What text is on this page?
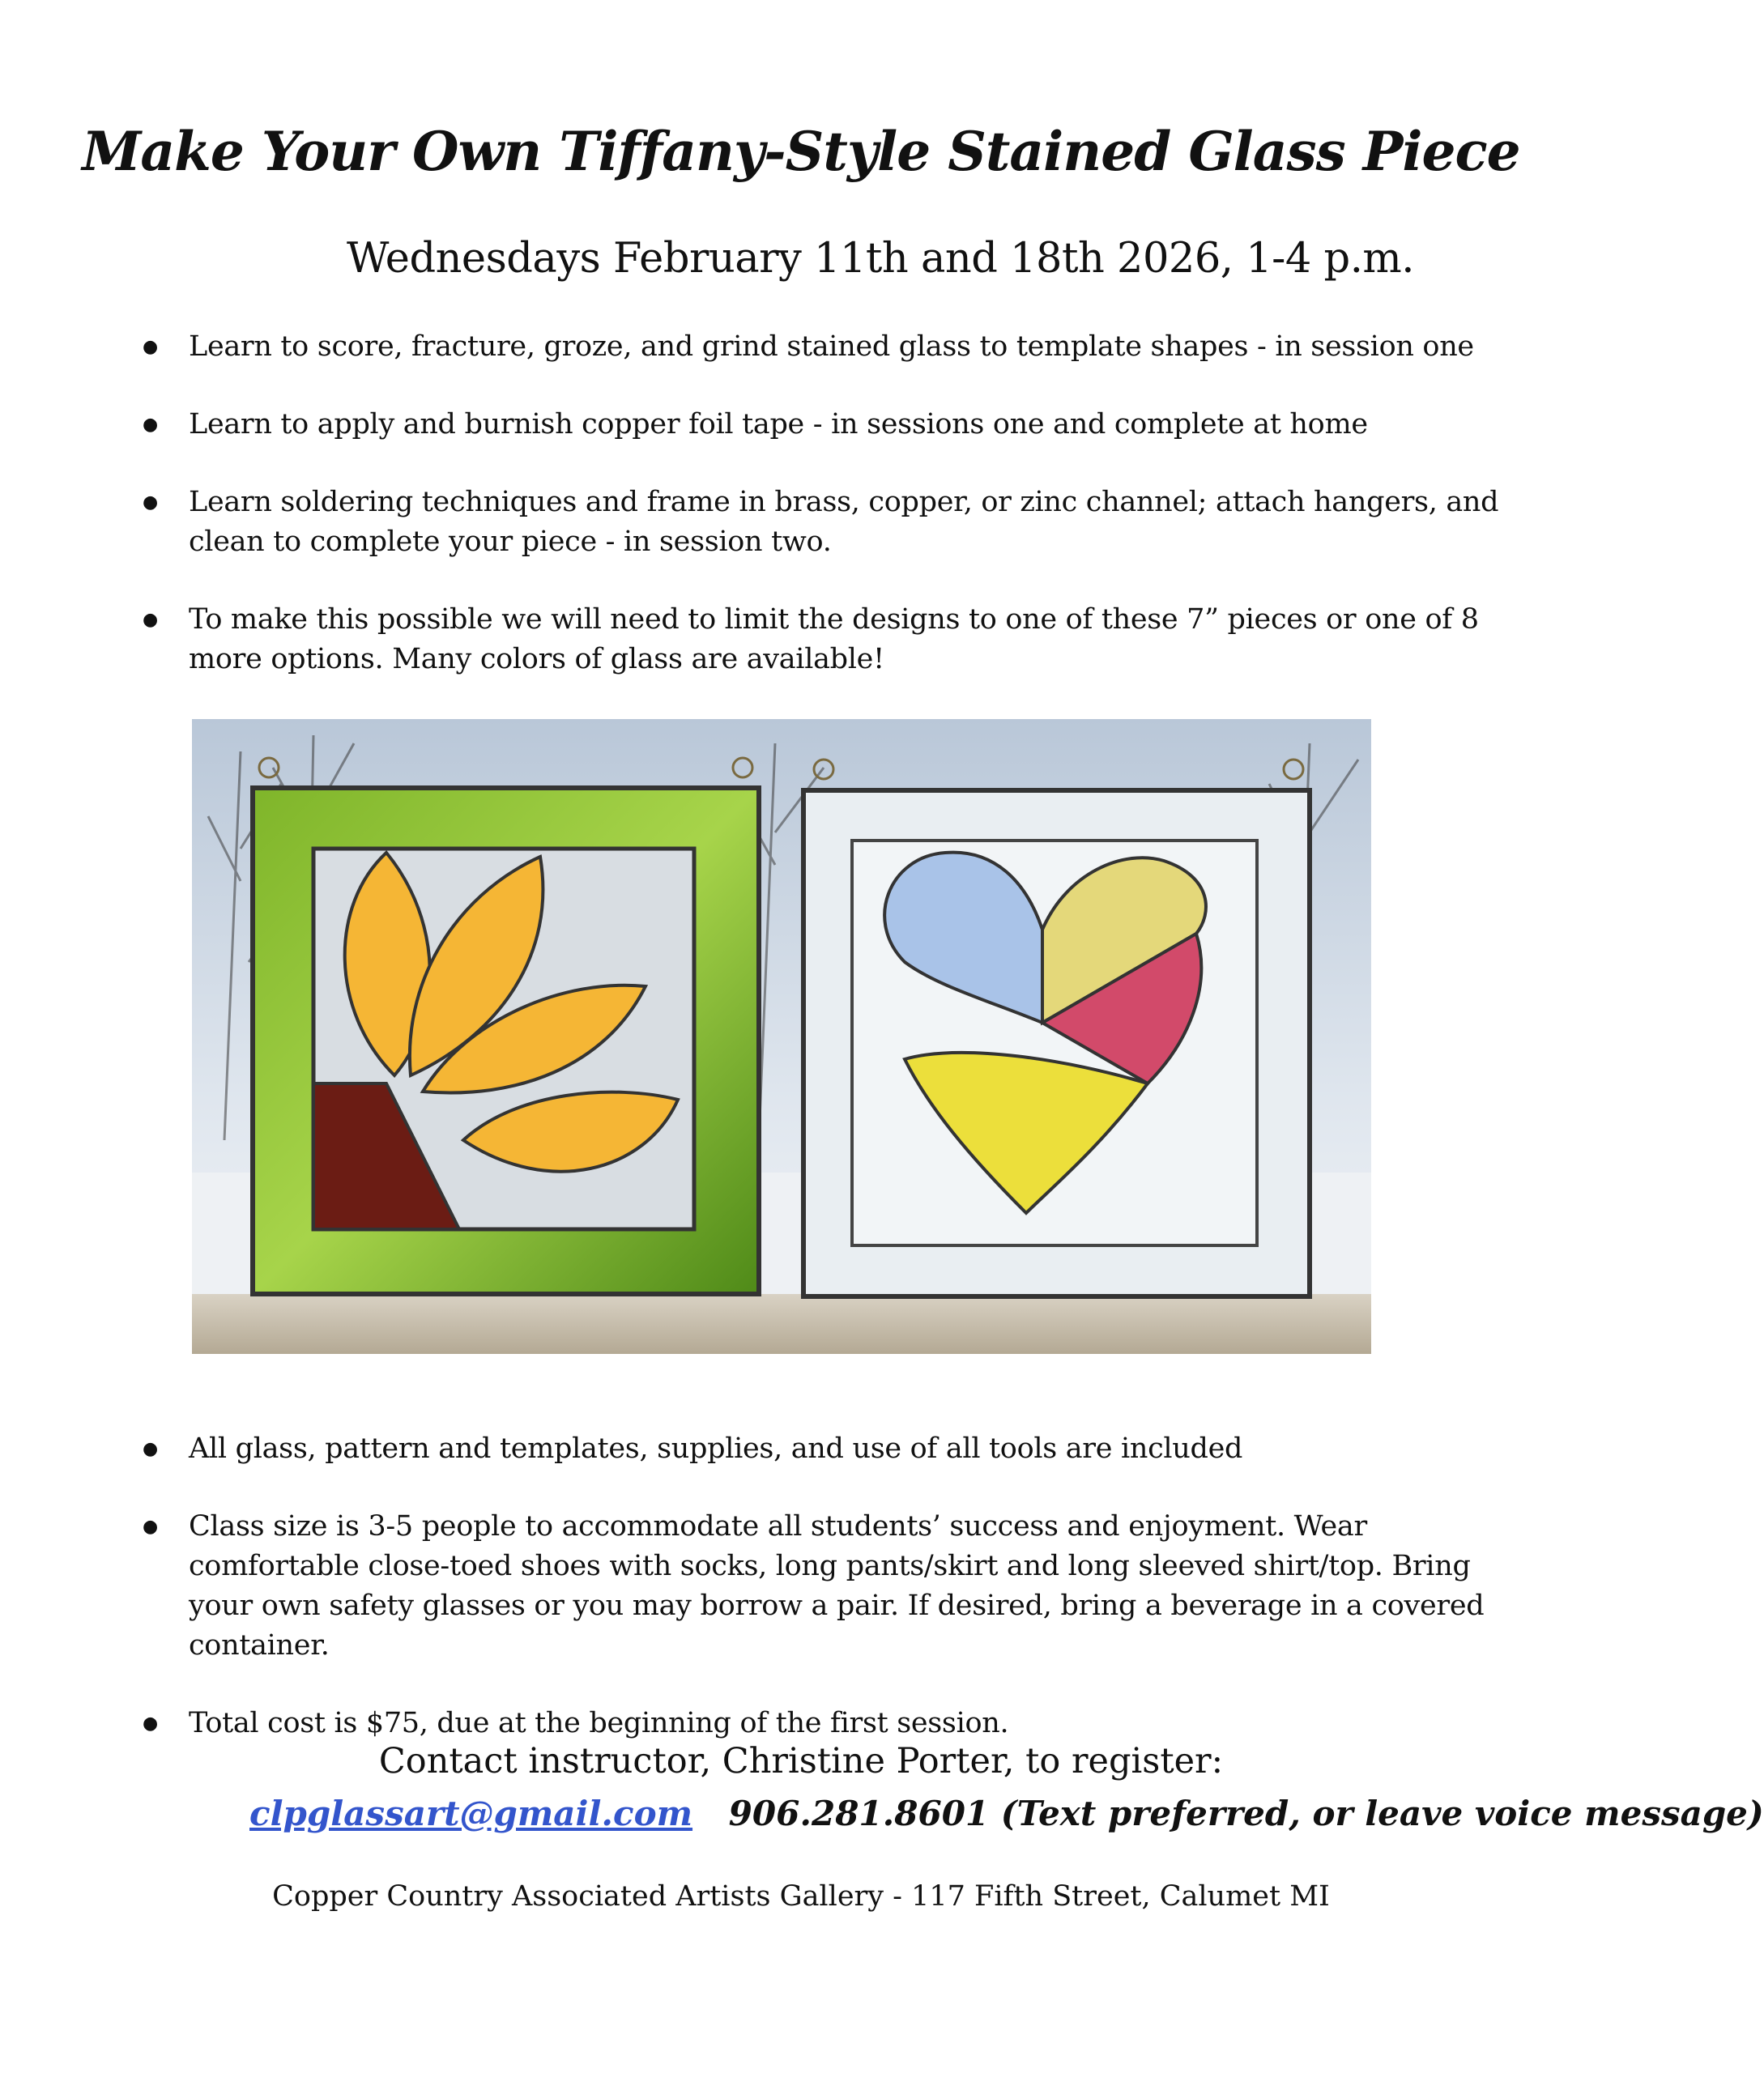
Make Your Own Tiffany-Style Stained Glass Piece

Wednesdays February 11th and 18th 2026, 1-4 p.m.

● Learn to score, fracture, groze, and grind stained glass to template shapes - in session one
● Learn to apply and burnish copper foil tape - in sessions one and complete at home
● Learn soldering techniques and frame in brass, copper, or zinc channel; attach hangers, and clean to complete your piece - in session two.
● To make this possible we will need to limit the designs to one of these 7” pieces or one of 8 more options. Many colors of glass are available!
● All glass, pattern and templates, supplies, and use of all tools are included
● Class size is 3-5 people to accommodate all students’ success and enjoyment. Wear comfortable close-toed shoes with socks, long pants/skirt and long sleeved shirt/top. Bring your own safety glasses or you may borrow a pair. If desired, bring a beverage in a covered container.
● Total cost is $75, due at the beginning of the first session.

Contact instructor, Christine Porter, to register:

clpglassart@gmail.com 906.281.8601 (Text preferred, or leave voice message)

Copper Country Associated Artists Gallery - 117 Fifth Street, Calumet MI
